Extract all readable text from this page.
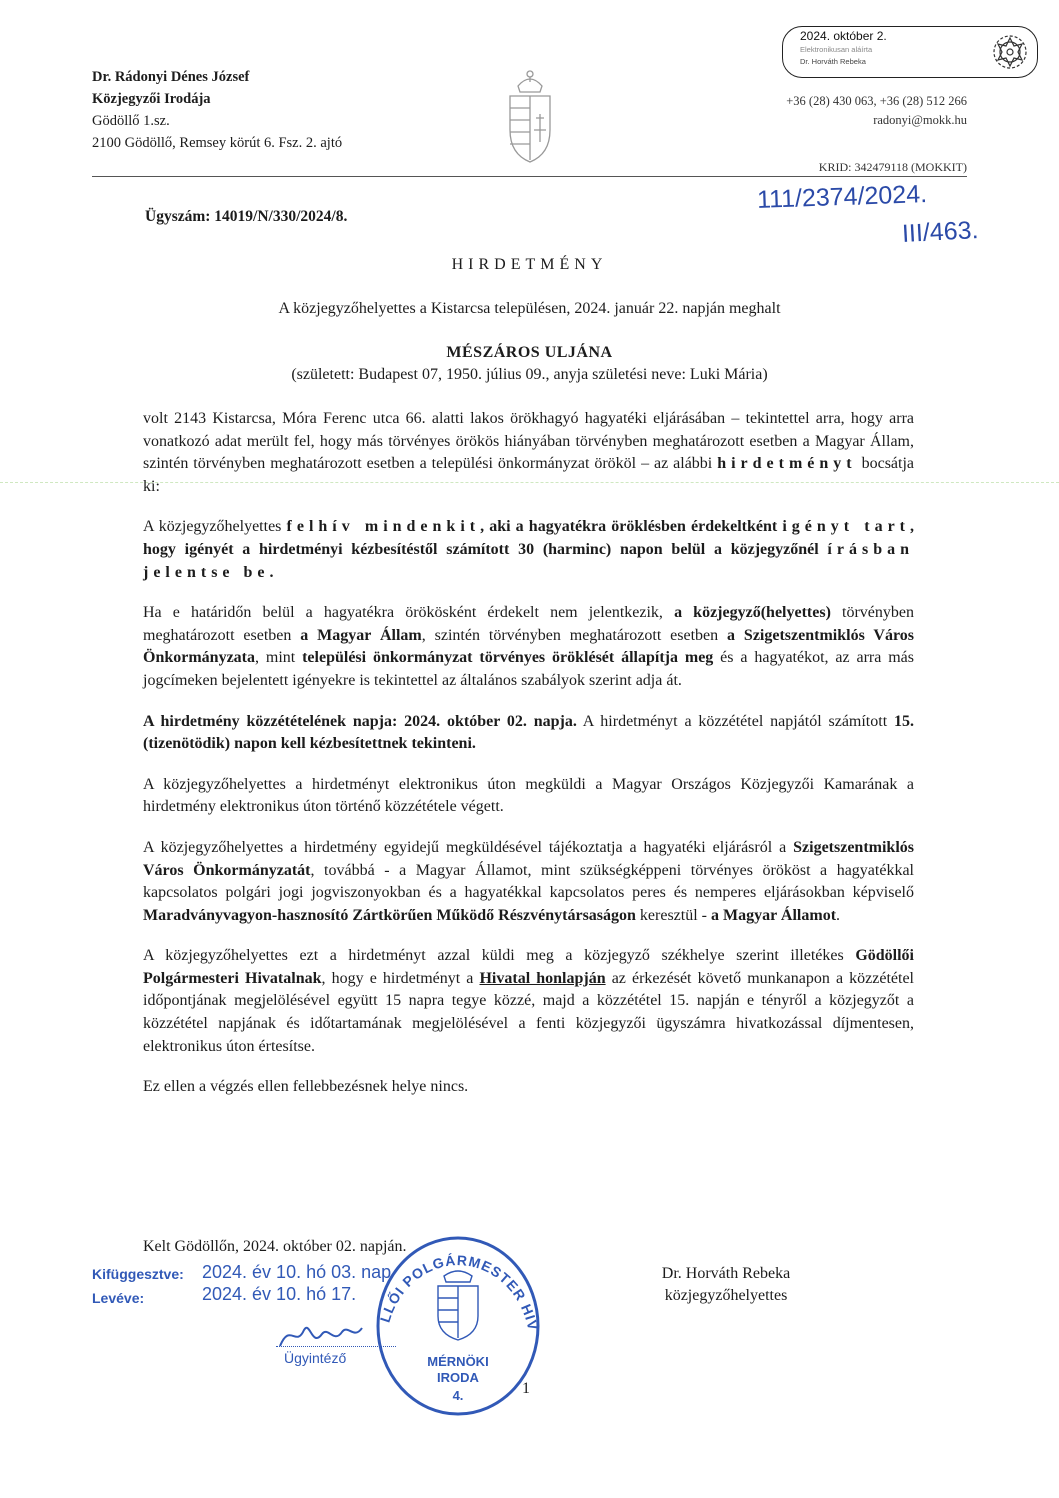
Dr. Rádonyi Dénes József
Közjegyzői Irodája
Gödöllő 1.sz.
2100 Gödöllő, Remsey körút 6. Fsz. 2. ajtó
2024. október 2.
Elektronikusan aláírta
Dr. Horváth Rebeka
+36 (28) 430 063, +36 (28) 512 266
radonyi@mokk.hu
KRID: 342479118 (MOKKIT)
Ügyszám: 14019/N/330/2024/8.
111/2374/2024.
III/463.
HIRDETMÉNY
A közjegyzőhelyettes a Kistarcsa településen, 2024. január 22. napján meghalt
MÉSZÁROS ULJÁNA
(született: Budapest 07, 1950. július 09., anyja születési neve: Luki Mária)

volt 2143 Kistarcsa, Móra Ferenc utca 66. alatti lakos örökhagyó hagyatéki eljárásában – tekintettel arra, hogy arra vonatkozó adat merült fel, hogy más törvényes örökös hiányában törvényben meghatározott esetben a Magyar Állam, szintén törvényben meghatározott esetben a települési önkormányzat örököl – az alábbi hirdetményt bocsátja ki:

A közjegyzőhelyettes felhív mindenkit, aki a hagyatékra öröklésben érdekeltként igényt tart, hogy igényét a hirdetményi kézbesítéstől számított 30 (harminc) napon belül a közjegyzőnél írásban jelentse be.

Ha e határidőn belül a hagyatékra örökösként érdekelt nem jelentkezik, a közjegyző(helyettes) törvényben meghatározott esetben a Magyar Állam, szintén törvényben meghatározott esetben a Szigetszentmiklós Város Önkormányzata, mint települési önkormányzat törvényes öröklését állapítja meg és a hagyatékot, az arra más jogcímeken bejelentett igényekre is tekintettel az általános szabályok szerint adja át.

A hirdetmény közzétételének napja: 2024. október 02. napja. A hirdetményt a közzététel napjától számított 15. (tizenötödik) napon kell kézbesítettnek tekinteni.

A közjegyzőhelyettes a hirdetményt elektronikus úton megküldi a Magyar Országos Közjegyzői Kamarának a hirdetmény elektronikus úton történő közzététele végett.

A közjegyzőhelyettes a hirdetmény egyidejű megküldésével tájékoztatja a hagyatéki eljárásról a Szigetszentmiklós Város Önkormányzatát, továbbá - a Magyar Államot, mint szükségképpeni törvényes örököst a hagyatékkal kapcsolatos polgári jogi jogviszonyokban és a hagyatékkal kapcsolatos peres és nemperes eljárásokban képviselő Maradványvagyon-hasznosító Zártkörűen Működő Részvénytársaságon keresztül - a Magyar Államot.

A közjegyzőhelyettes ezt a hirdetményt azzal küldi meg a közjegyző székhelye szerint illetékes Gödöllői Polgármesteri Hivatalnak, hogy e hirdetményt a Hivatal honlapján az érkezését követő munkanapon a közzététel időpontjának megjelölésével együtt 15 napra tegye közzé, majd a közzététel 15. napján e tényről a közjegyzőt a közzététel napjának és időtartamának megjelölésével a fenti közjegyzői ügyszámra hivatkozással díjmentesen, elektronikus úton értesítse.

Ez ellen a végzés ellen fellebbezésnek helye nincs.

Kelt Gödöllőn, 2024. október 02. napján.
Dr. Horváth Rebeka
közjegyzőhelyettes
Kifüggesztve: 2024. év 10. hó 03. nap
Levéve:	2024. év 10. hó 17.
Ügyintéző
LLŐI POLGÁRMESTER HIV
MÉRNÖKI
IRODA
4.	1
